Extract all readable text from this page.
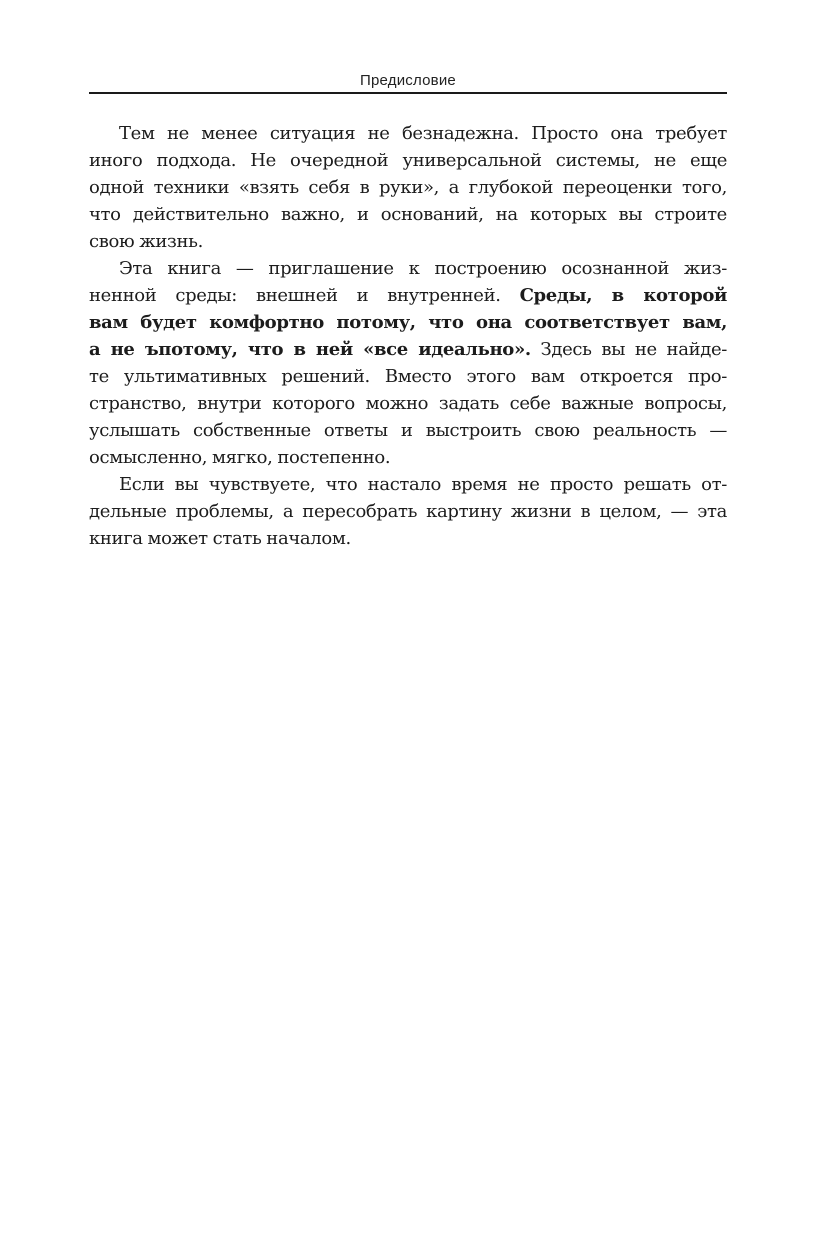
Предисловие
Тем не менее ситуация не безнадежна. Просто она требует
иного подхода. Не очередной универсальной системы, не еще
одной техники «взять себя в руки», а глубокой переоценки того,
что действительно важно, и оснований, на которых вы строите
свою жизнь.
Эта книга — приглашение к построению осознанной жиз-
ненной среды: внешней и внутренней. Среды, в которой
вам будет комфортно потому, что она соответствует вам,
а не ъпотому, что в ней «все идеально». Здесь вы не найде-
те ультимативных решений. Вместо этого вам откроется про-
странство, внутри которого можно задать себе важные вопросы,
услышать собственные ответы и выстроить свою реальность —
осмысленно, мягко, постепенно.
Если вы чувствуете, что настало время не просто решать от-
дельные проблемы, а пересобрать картину жизни в целом, — эта
книга может стать началом.
